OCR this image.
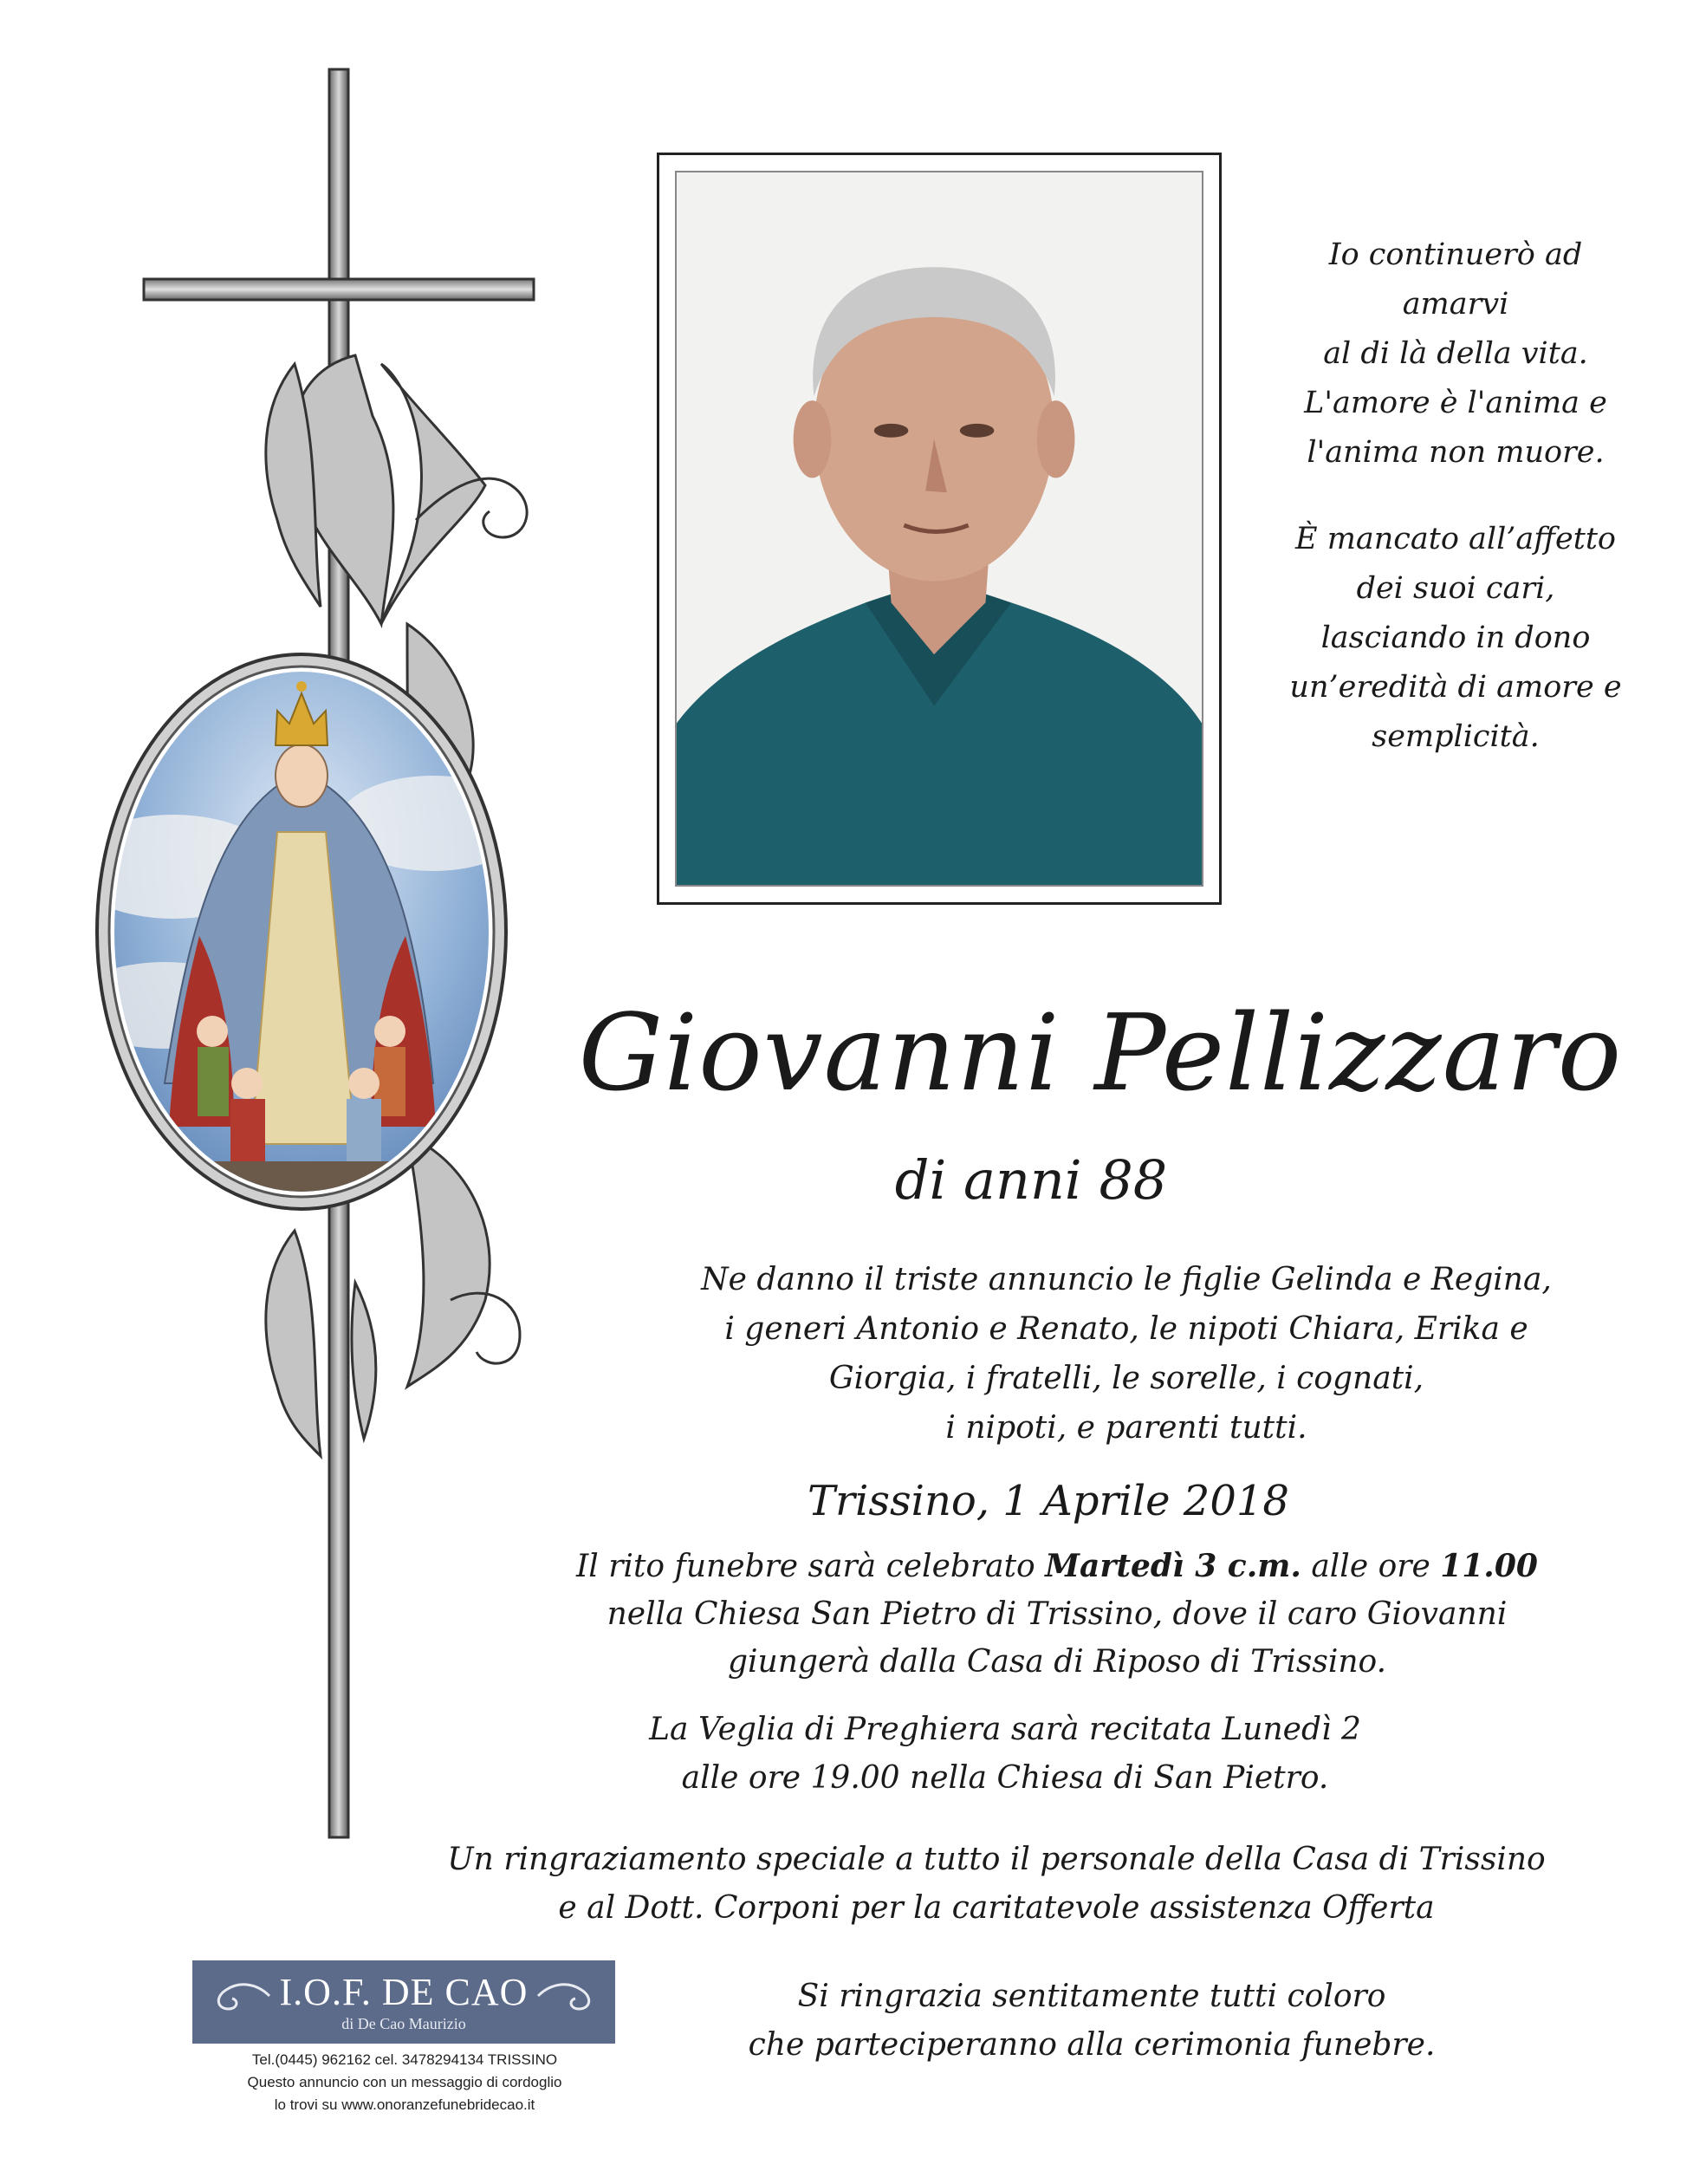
Io continuerò ad
amarvi
al di là della vita.
L'amore è l'anima e
l'anima non muore.
È mancato all’affetto
dei suoi cari,
lasciando in dono
un’eredità di amore e
semplicità.
Giovanni Pellizzaro
di anni 88
Ne danno il triste annuncio le figlie Gelinda e Regina,
i generi Antonio e Renato, le nipoti Chiara, Erika e
Giorgia, i fratelli, le sorelle, i cognati,
i nipoti, e parenti tutti.
Trissino, 1 Aprile 2018
Il rito funebre sarà celebrato Martedì 3 c.m. alle ore 11.00
nella Chiesa San Pietro di Trissino, dove il caro Giovanni
giungerà dalla Casa di Riposo di Trissino.
La Veglia di Preghiera sarà recitata Lunedì 2
alle ore 19.00 nella Chiesa di San Pietro.
Un ringraziamento speciale a tutto il personale della Casa di Trissino
e al Dott. Corponi per la caritatevole assistenza Offerta
Si ringrazia sentitamente tutti coloro
che parteciperanno alla cerimonia funebre.
I.O.F. DE CAO
di De Cao Maurizio
Tel.(0445) 962162 cel. 3478294134 TRISSINO
Questo annuncio con un messaggio di cordoglio
lo trovi su www.onoranzefunebridecao.it
